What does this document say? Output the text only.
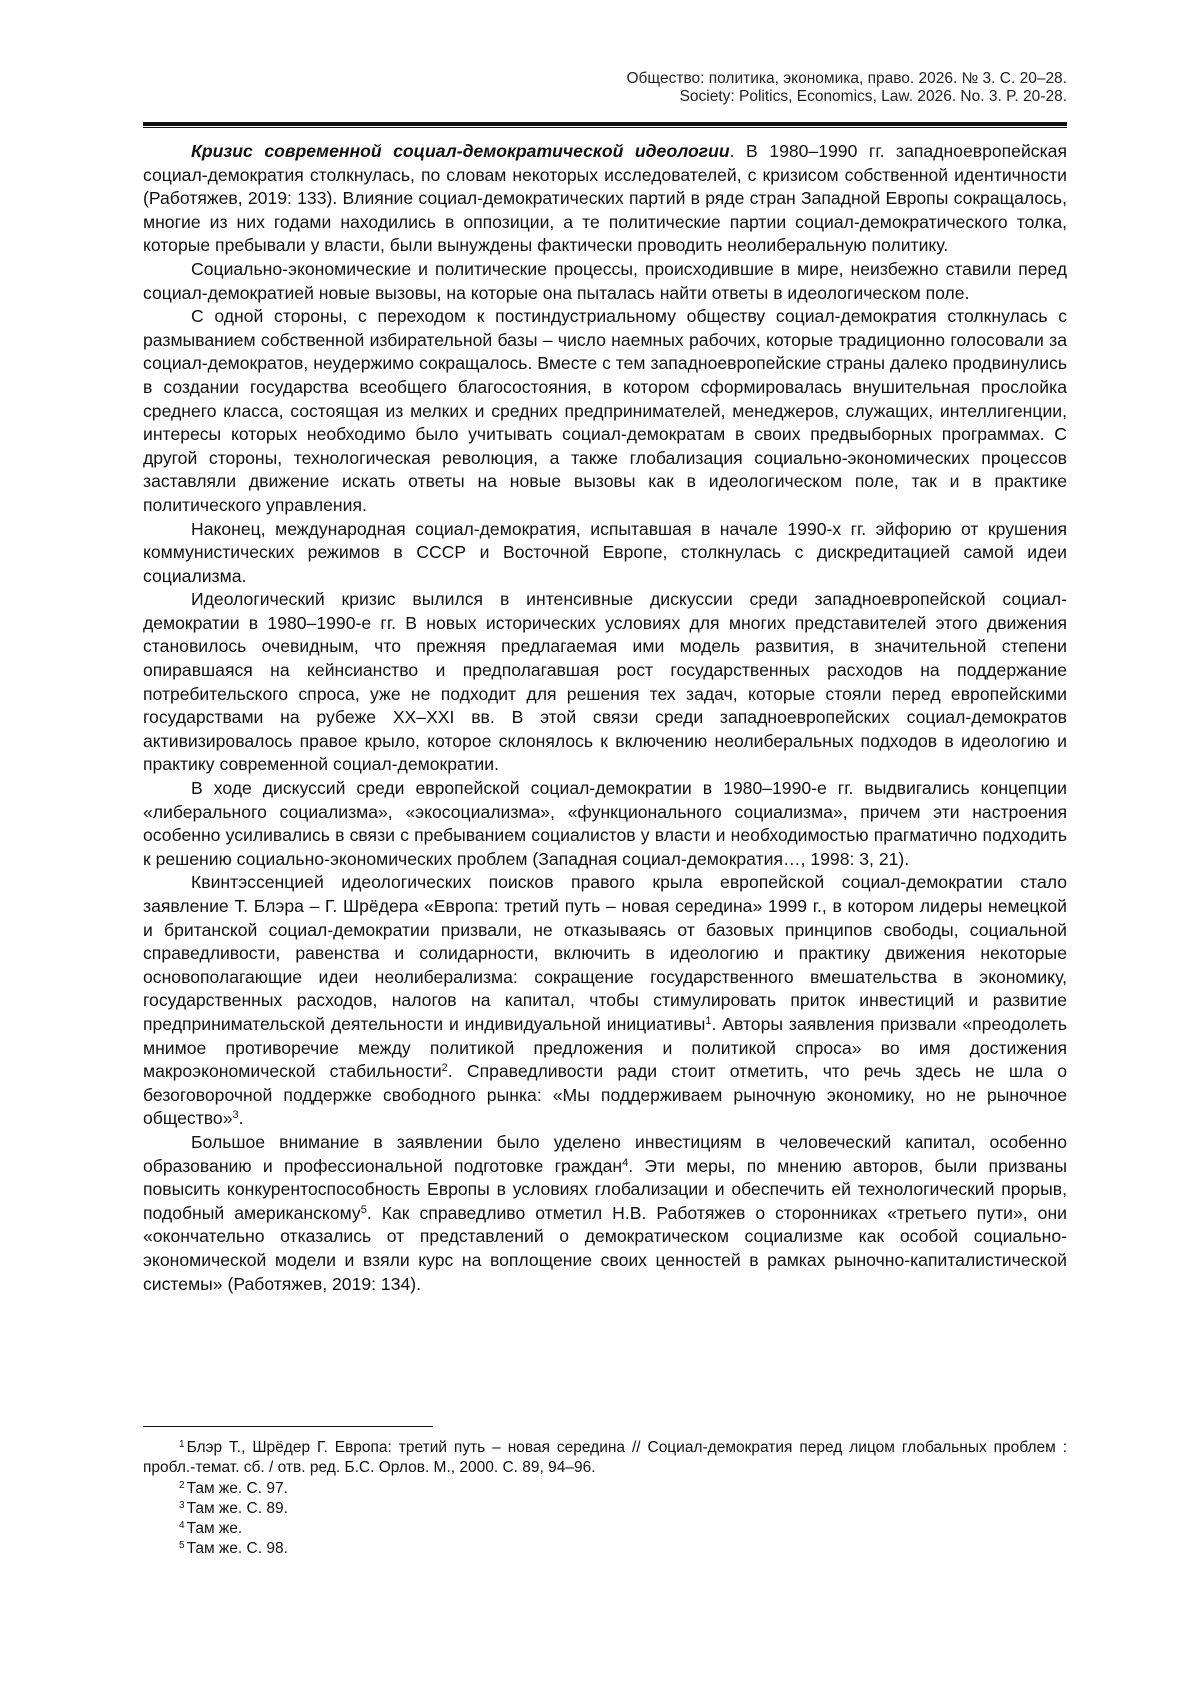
Общество: политика, экономика, право. 2026. № 3. С. 20–28.
Society: Politics, Economics, Law. 2026. No. 3. P. 20-28.

Кризис современной социал-демократической идеологии. В 1980–1990 гг. западноевропейская социал-демократия столкнулась, по словам некоторых исследователей, с кризисом собственной идентичности (Работяжев, 2019: 133). Влияние социал-демократических партий в ряде стран Западной Европы сокращалось, многие из них годами находились в оппозиции, а те политические партии социал-демократического толка, которые пребывали у власти, были вынуждены фактически проводить неолиберальную политику.

Социально-экономические и политические процессы, происходившие в мире, неизбежно ставили перед социал-демократией новые вызовы, на которые она пыталась найти ответы в идеологическом поле.

С одной стороны, с переходом к постиндустриальному обществу социал-демократия столкнулась с размыванием собственной избирательной базы – число наемных рабочих, которые традиционно голосовали за социал-демократов, неудержимо сокращалось. Вместе с тем западноевропейские страны далеко продвинулись в создании государства всеобщего благосостояния, в котором сформировалась внушительная прослойка среднего класса, состоящая из мелких и средних предпринимателей, менеджеров, служащих, интеллигенции, интересы которых необходимо было учитывать социал-демократам в своих предвыборных программах. С другой стороны, технологическая революция, а также глобализация социально-экономических процессов заставляли движение искать ответы на новые вызовы как в идеологическом поле, так и в практике политического управления.

Наконец, международная социал-демократия, испытавшая в начале 1990-х гг. эйфорию от крушения коммунистических режимов в СССР и Восточной Европе, столкнулась с дискредитацией самой идеи социализма.

Идеологический кризис вылился в интенсивные дискуссии среди западноевропейской социал-демократии в 1980–1990-е гг. В новых исторических условиях для многих представителей этого движения становилось очевидным, что прежняя предлагаемая ими модель развития, в значительной степени опиравшаяся на кейнсианство и предполагавшая рост государственных расходов на поддержание потребительского спроса, уже не подходит для решения тех задач, которые стояли перед европейскими государствами на рубеже XX–XXI вв. В этой связи среди западноевропейских социал-демократов активизировалось правое крыло, которое склонялось к включению неолиберальных подходов в идеологию и практику современной социал-демократии.

В ходе дискуссий среди европейской социал-демократии в 1980–1990-е гг. выдвигались концепции «либерального социализма», «экосоциализма», «функционального социализма», причем эти настроения особенно усиливались в связи с пребыванием социалистов у власти и необходимостью прагматично подходить к решению социально-экономических проблем (Западная социал-демократия…, 1998: 3, 21).

Квинтэссенцией идеологических поисков правого крыла европейской социал-демократии стало заявление Т. Блэра – Г. Шрёдера «Европа: третий путь – новая середина» 1999 г., в котором лидеры немецкой и британской социал-демократии призвали, не отказываясь от базовых принципов свободы, социальной справедливости, равенства и солидарности, включить в идеологию и практику движения некоторые основополагающие идеи неолиберализма: сокращение государственного вмешательства в экономику, государственных расходов, налогов на капитал, чтобы стимулировать приток инвестиций и развитие предпринимательской деятельности и индивидуальной инициативы$^1$. Авторы заявления призвали «преодолеть мнимое противоречие между политикой предложения и политикой спроса» во имя достижения макроэкономической стабильности$^2$. Справедливости ради стоит отметить, что речь здесь не шла о безоговорочной поддержке свободного рынка: «Мы поддерживаем рыночную экономику, но не рыночное общество»$^3$.

Большое внимание в заявлении было уделено инвестициям в человеческий капитал, особенно образованию и профессиональной подготовке граждан$^4$. Эти меры, по мнению авторов, были призваны повысить конкурентоспособность Европы в условиях глобализации и обеспечить ей технологический прорыв, подобный американскому$^5$. Как справедливо отметил Н.В. Работяжев о сторонниках «третьего пути», они «окончательно отказались от представлений о демократическом социализме как особой социально-экономической модели и взяли курс на воплощение своих ценностей в рамках рыночно-капиталистической системы» (Работяжев, 2019: 134).

$^1$ Блэр Т., Шрёдер Г. Европа: третий путь – новая середина // Социал-демократия перед лицом глобальных проблем : пробл.-темат. сб. / отв. ред. Б.С. Орлов. М., 2000. С. 89, 94–96.

$^2$ Там же. С. 97.

$^3$ Там же. С. 89.

$^4$ Там же.

$^5$ Там же. С. 98.
